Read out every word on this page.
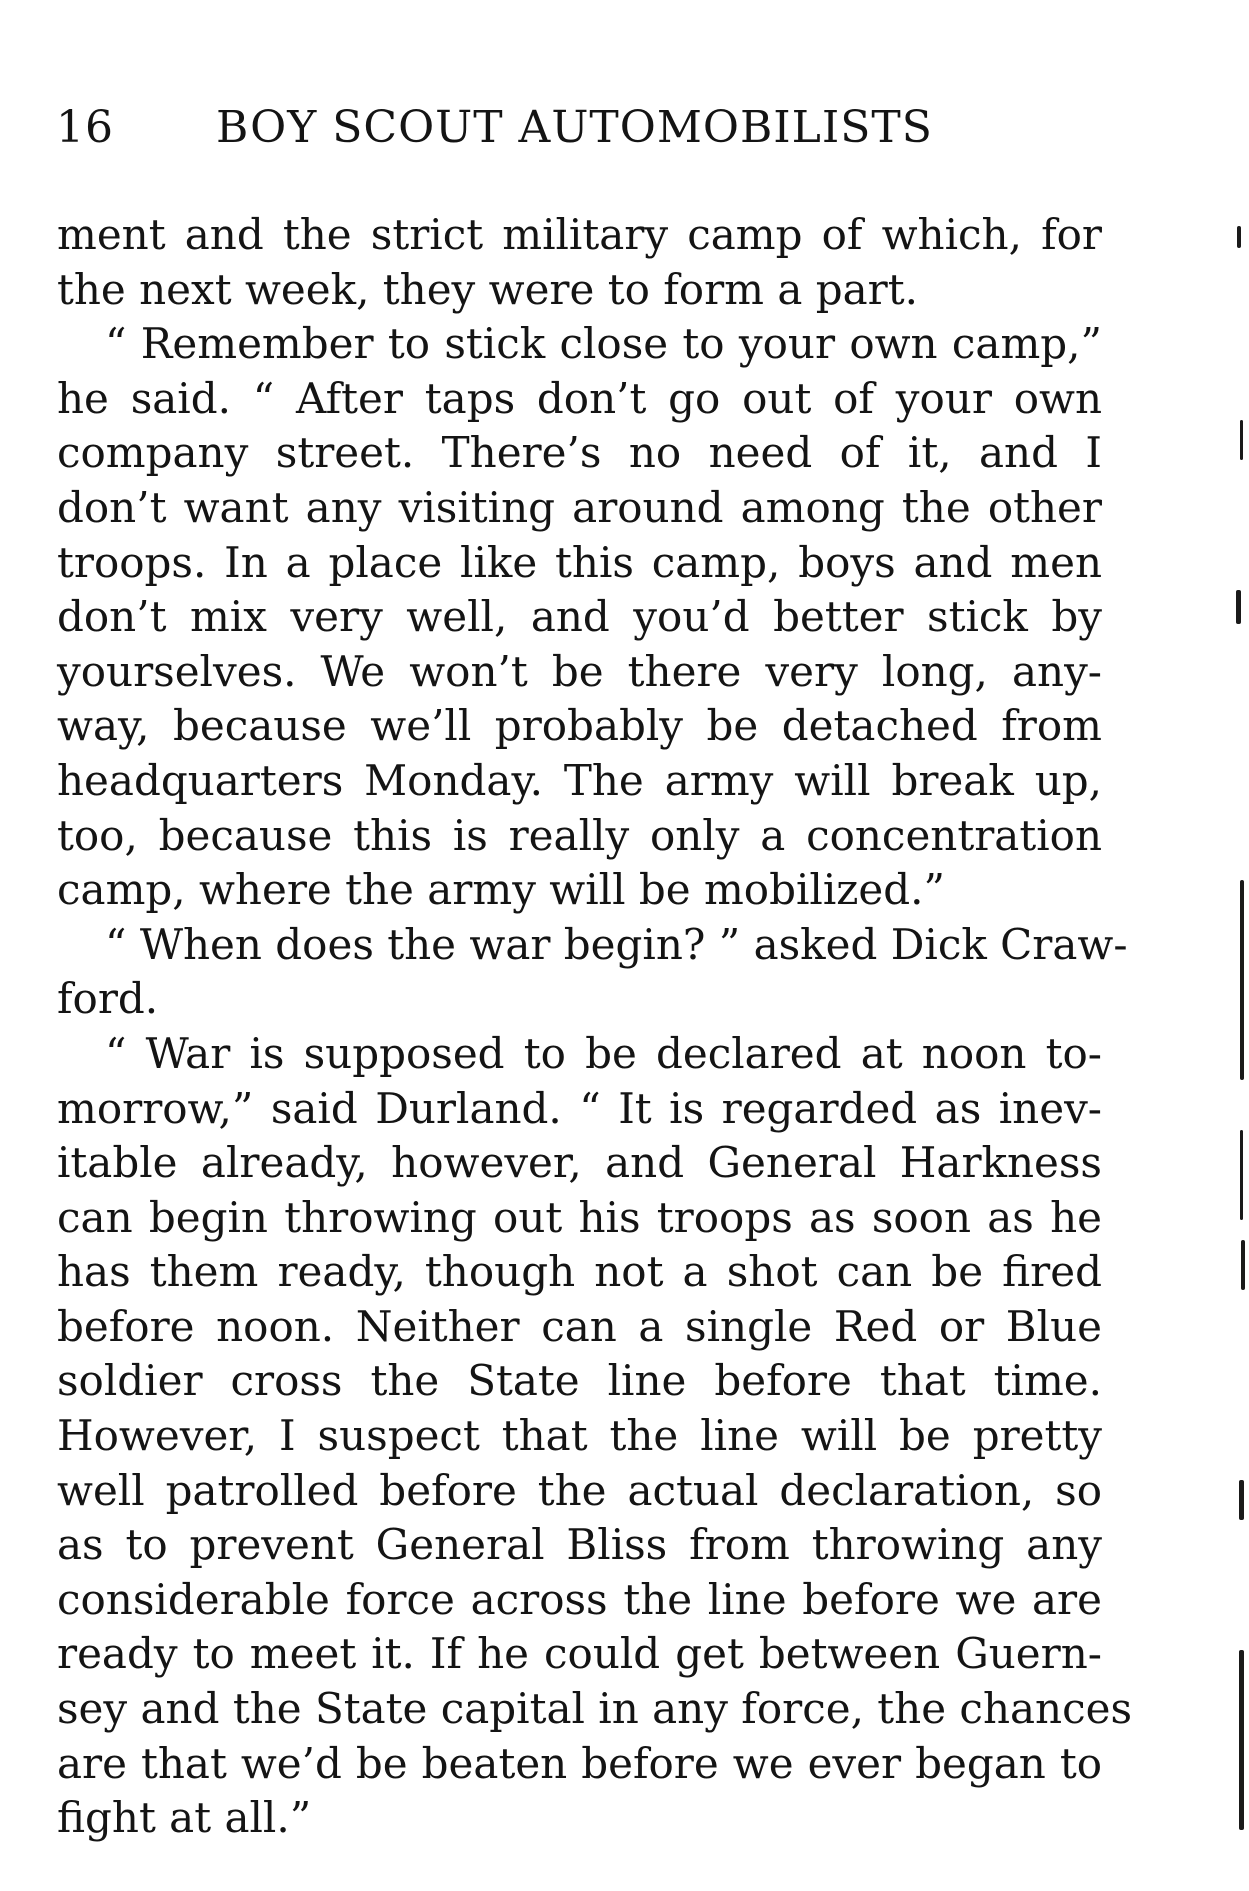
16 BOY SCOUT AUTOMOBILISTS
ment and the strict military camp of which, for
the next week, they were to form a part.
“ Remember to stick close to your own camp,”
he said. “ After taps don’t go out of your own
company street. There’s no need of it, and I
don’t want any visiting around among the other
troops. In a place like this camp, boys and men
don’t mix very well, and you’d better stick by
yourselves. We won’t be there very long, any-
way, because we’ll probably be detached from
headquarters Monday. The army will break up,
too, because this is really only a concentration
camp, where the army will be mobilized.”
“ When does the war begin? ” asked Dick Craw-
ford.
“ War is supposed to be declared at noon to-
morrow,” said Durland. “ It is regarded as inev-
itable already, however, and General Harkness
can begin throwing out his troops as soon as he
has them ready, though not a shot can be fired
before noon. Neither can a single Red or Blue
soldier cross the State line before that time.
However, I suspect that the line will be pretty
well patrolled before the actual declaration, so
as to prevent General Bliss from throwing any
considerable force across the line before we are
ready to meet it. If he could get between Guern-
sey and the State capital in any force, the chances
are that we’d be beaten before we ever began to
fight at all.”
